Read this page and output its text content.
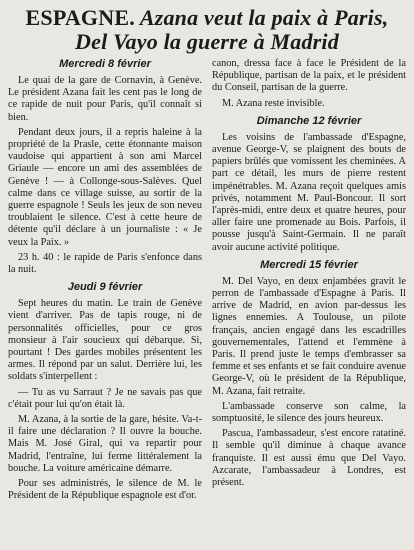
ESPAGNE. Azana veut la paix à Paris,
Del Vayo la guerre à Madrid
Mercredi 8 février

Le quai de la gare de Cornavin, à Genève. Le président Azana fait les cent pas le long de ce rapide de nuit pour Paris, qu'il connaît si bien.

Pendant deux jours, il a repris haleine à la propriété de la Prasle, cette étonnante maison vaudoise qui appartient à son ami Marcel Griaule — encore un ami des assemblées de Genève ! — à Collonge-sous-Salèves. Quel calme dans ce village suisse, au sortir de la guerre espagnole ! Seuls les jeux de son neveu troublaient le silence. C'est à cette heure de détente qu'il déclare à un journaliste : « Je veux la Paix. »

23 h. 40 : le rapide de Paris s'enfonce dans la nuit.

Jeudi 9 février

Sept heures du matin. Le train de Genève vient d'arriver. Pas de tapis rouge, ni de personnalités officielles, pour ce gros monsieur à l'air soucieux qui débarque. Si, pourtant ! Des gardes mobiles présentent les armes. Il répond par un salut. Derrière lui, les soldats s'interpellent :

— Tu as vu Sarraut ? Je ne savais pas que c'était pour lui qu'on était là.

M. Azana, à la sortie de la gare, hésite. Va-t-il faire une déclaration ? Il ouvre la bouche. Mais M. José Giral, qui va repartir pour Madrid, l'entraîne, lui ferme littéralement la bouche. La voiture américaine démarre.

Pour ses administrés, le silence de M. le Président de la République espagnole est d'or.

canon, dressa face à face le Président de la République, partisan de la paix, et le président du Conseil, partisan de la guerre.

M. Azana reste invisible.

Dimanche 12 février

Les voisins de l'ambassade d'Espagne, avenue George-V, se plaignent des bouts de papiers brûlés que vomissent les cheminées. A part ce détail, les murs de pierre restent impénétrables. M. Azana reçoit quelques amis privés, notamment M. Paul-Boncour. Il sort l'après-midi, entre deux et quatre heures, pour aller faire une promenade au Bois. Parfois, il pousse jusqu'à Saint-Germain. Il ne paraît avoir aucune activité politique.

Mercredi 15 février

M. Del Vayo, en deux enjambées gravit le perron de l'ambassade d'Espagne à Paris. Il arrive de Madrid, en avion par-dessus les lignes ennemies. A Toulouse, un pilote français, ancien engagé dans les escadrilles gouvernementales, l'attend et l'emmène à Paris. Il prend juste le temps d'embrasser sa femme et ses enfants et se fait conduire avenue George-V, où le président de la République, M. Azana, fait retraite.

L'ambassade conserve son calme, la somptuosité, le silence des jours heureux.

Pascua, l'ambassadeur, s'est encore ratatiné. Il semble qu'il diminue à chaque avance franquiste. Il est aussi ému que Del Vayo. Azcarate, l'ambassadeur à Londres, est présent.
